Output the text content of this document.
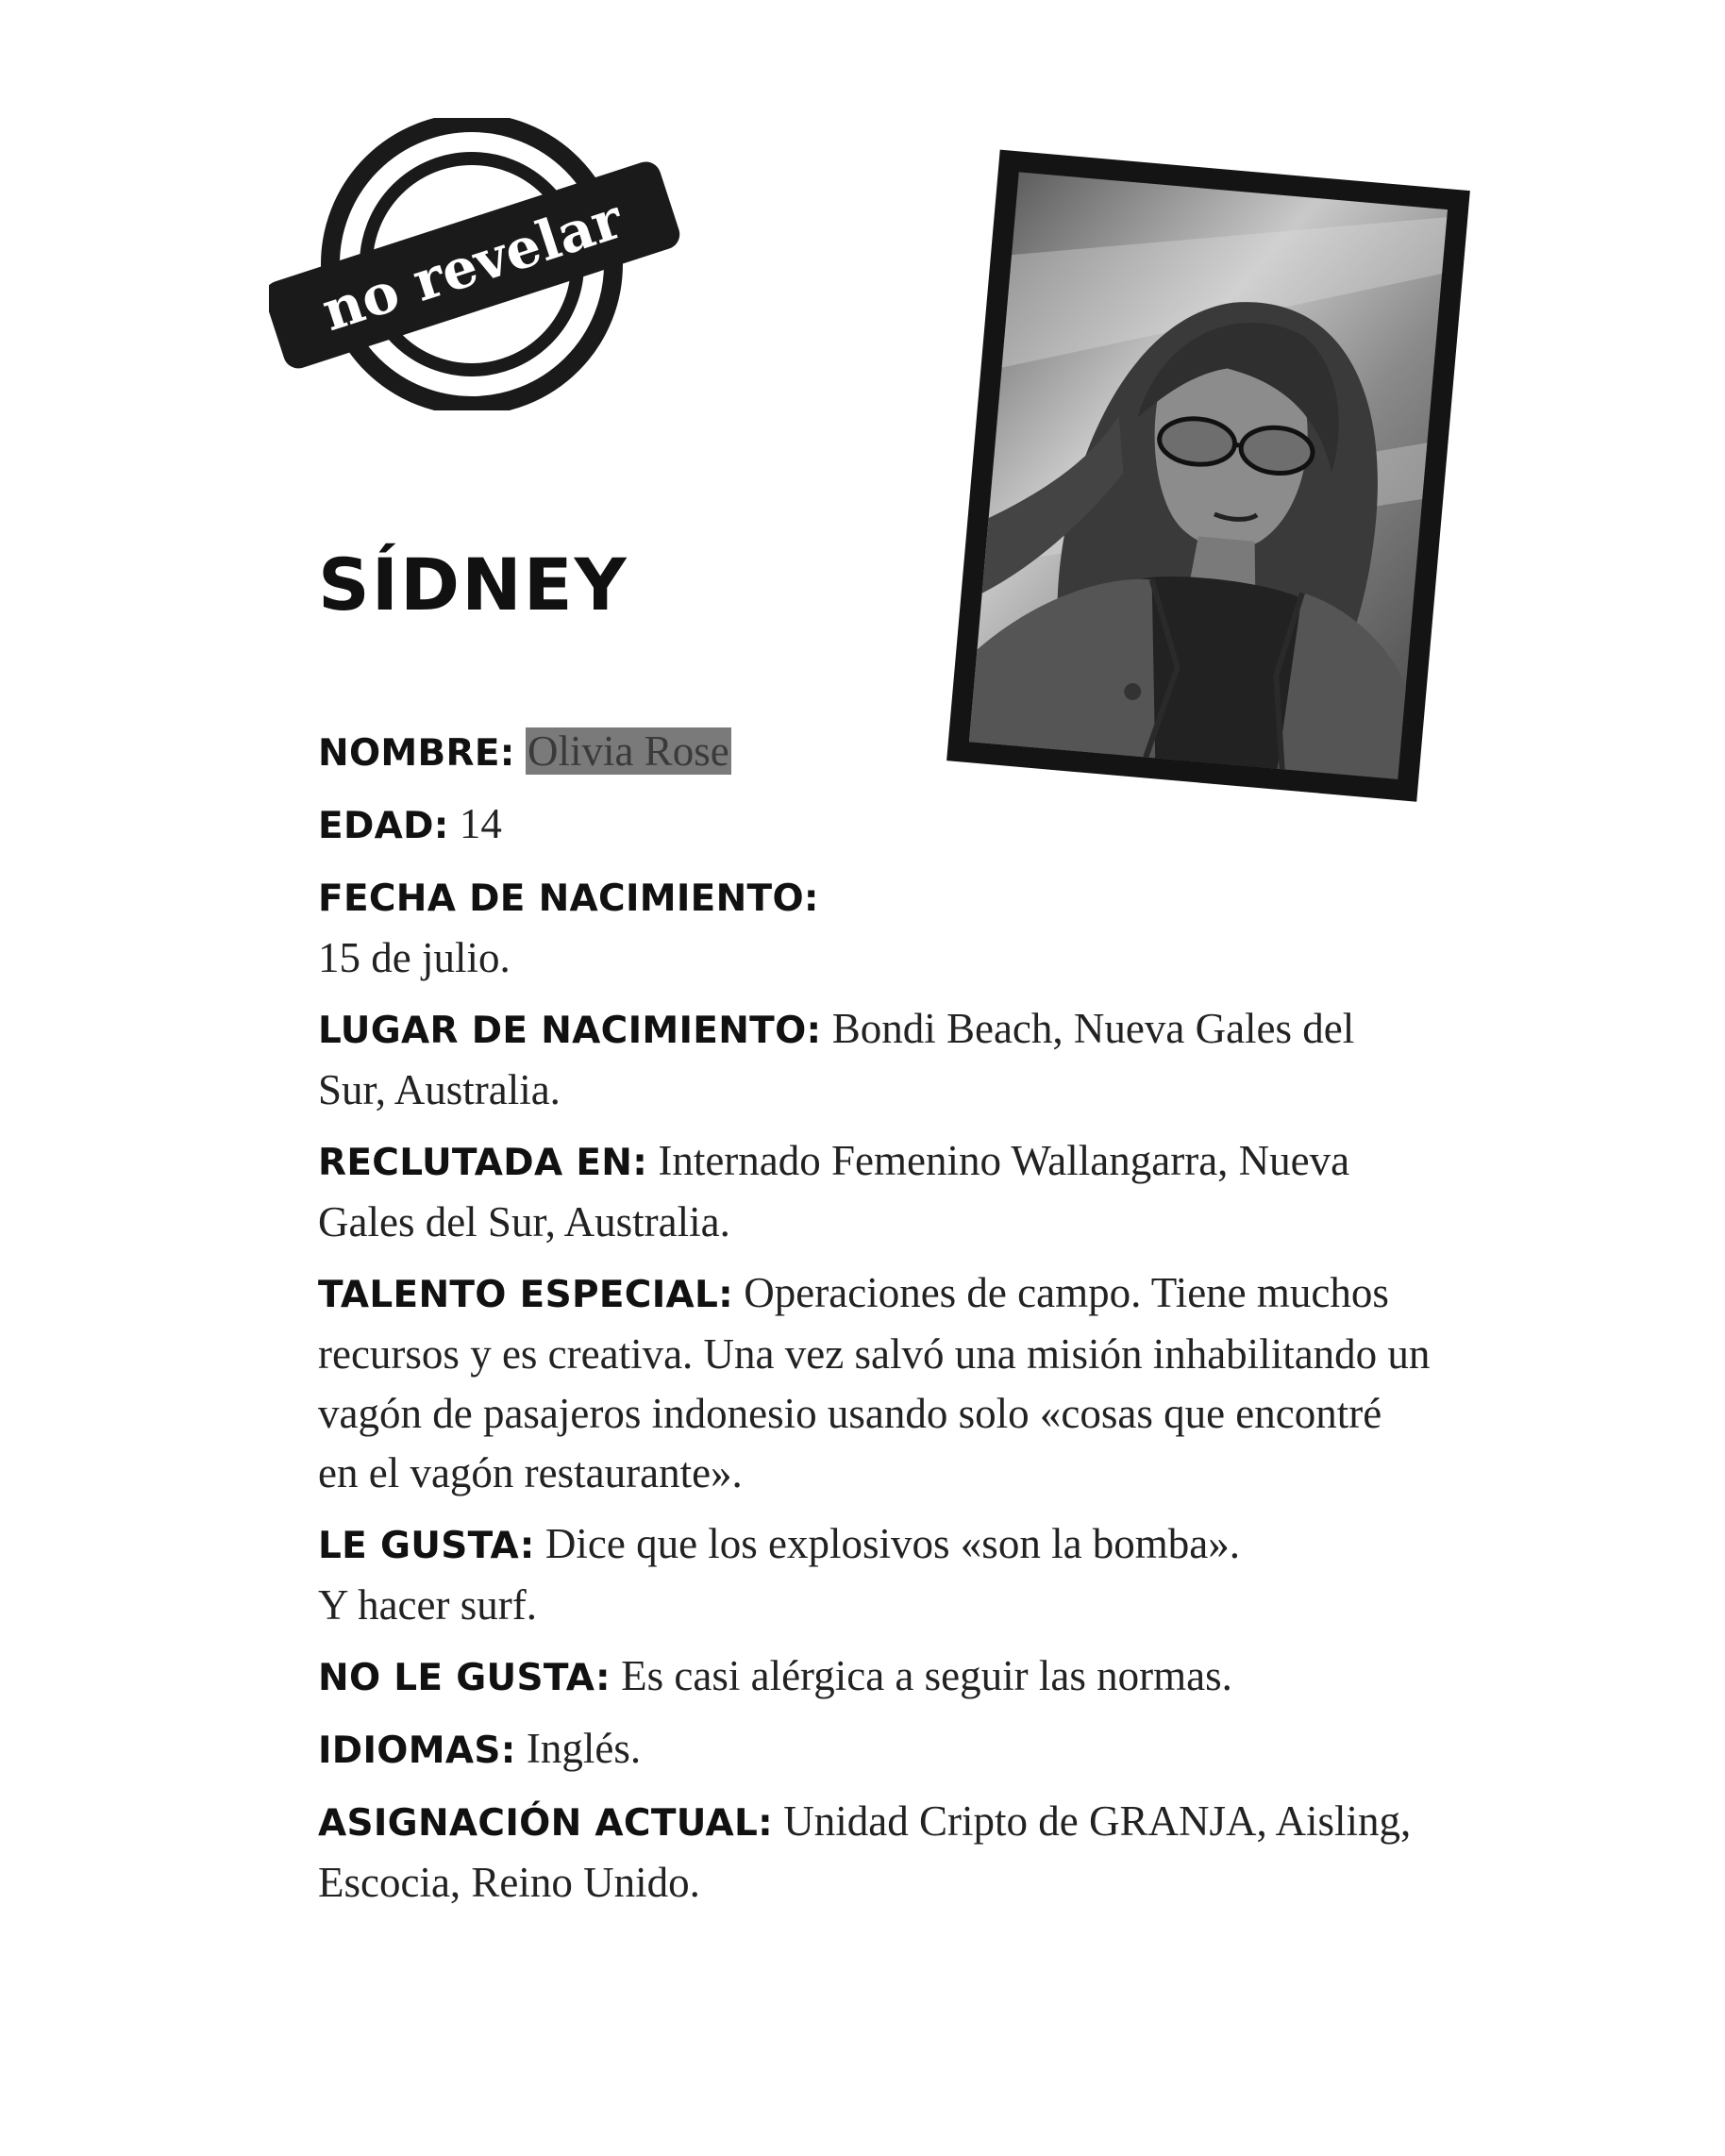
no revelar
SÍDNEY

NOMBRE: Olivia Rose

EDAD: 14

FECHA DE NACIMIENTO:
15 de julio.

LUGAR DE NACIMIENTO: Bondi Beach, Nueva Gales del Sur, Australia.

RECLUTADA EN: Internado Femenino Wallangarra, Nueva Gales del Sur, Australia.

TALENTO ESPECIAL: Operaciones de campo. Tiene muchos recursos y es creativa. Una vez salvó una misión inhabilitando un vagón de pasajeros indonesio usando solo «cosas que encontré en el vagón restaurante».

LE GUSTA: Dice que los explosivos «son la bomba».
Y hacer surf.

NO LE GUSTA: Es casi alérgica a seguir las normas.

IDIOMAS: Inglés.

ASIGNACIÓN ACTUAL: Unidad Cripto de GRANJA, Aisling, Escocia, Reino Unido.
